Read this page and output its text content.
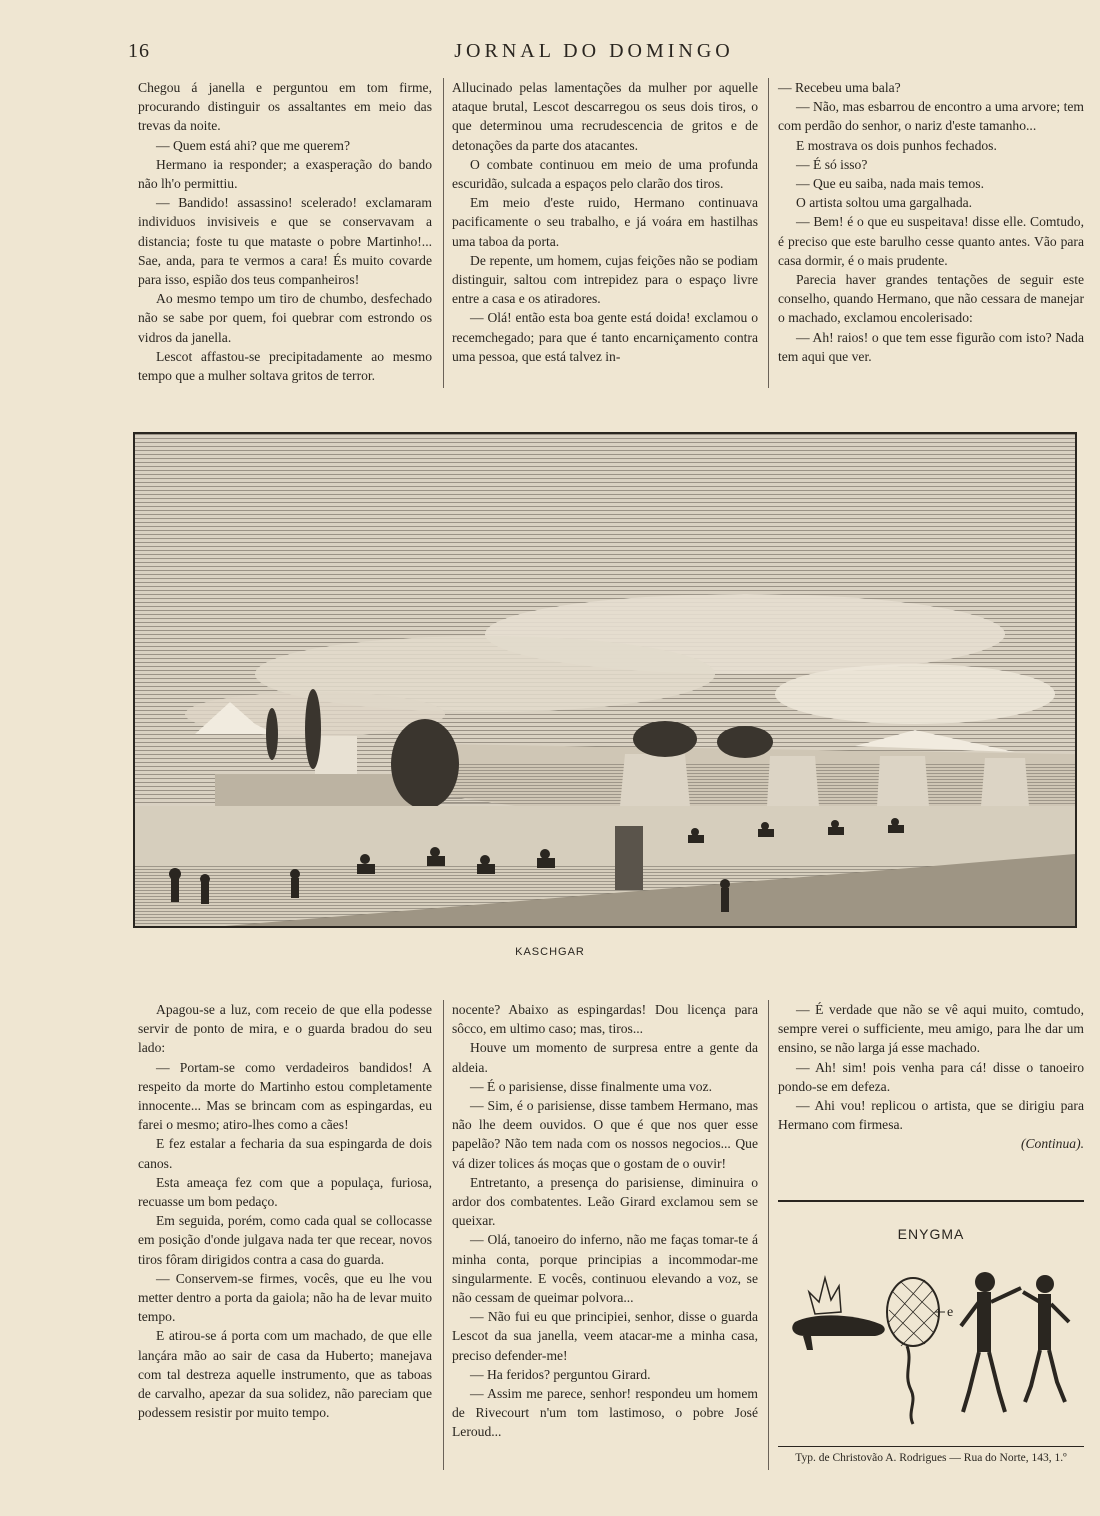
16	JORNAL DO DOMINGO

Chegou á janella e perguntou em tom firme, procurando distinguir os assaltantes em meio das trevas da noite.

— Quem está ahi? que me querem?

Hermano ia responder; a exasperação do bando não lh'o permittiu.

— Bandido! assassino! scelerado! exclamaram individuos invisiveis e que se conservavam a distancia; foste tu que mataste o pobre Martinho!... Sae, anda, para te vermos a cara! És muito covarde para isso, espião dos teus companheiros!

Ao mesmo tempo um tiro de chumbo, desfechado não se sabe por quem, foi quebrar com estrondo os vidros da janella.

Lescot affastou-se precipitadamente ao mesmo tempo que a mulher soltava gritos de terror.

Allucinado pelas lamentações da mulher por aquelle ataque brutal, Lescot descarregou os seus dois tiros, o que determinou uma recrudescencia de gritos e de detonações da parte dos atacantes.

O combate continuou em meio de uma profunda escuridão, sulcada a espaços pelo clarão dos tiros.

Em meio d'este ruido, Hermano continuava pacificamente o seu trabalho, e já voára em hastilhas uma taboa da porta.

De repente, um homem, cujas feições não se podiam distinguir, saltou com intrepidez para o espaço livre entre a casa e os atiradores.

— Olá! então esta boa gente está doida! exclamou o recemchegado; para que é tanto encarniçamento contra uma pessoa, que está talvez in-

— Recebeu uma bala?

— Não, mas esbarrou de encontro a uma arvore; tem com perdão do senhor, o nariz d'este tamanho...

E mostrava os dois punhos fechados.

— É só isso?

— Que eu saiba, nada mais temos.

O artista soltou uma gargalhada.

— Bem! é o que eu suspeitava! disse elle. Comtudo, é preciso que este barulho cesse quanto antes. Vão para casa dormir, é o mais prudente.

Parecia haver grandes tentações de seguir este conselho, quando Hermano, que não cessara de manejar o machado, exclamou encolerisado:

— Ah! raios! o que tem esse figurão com isto? Nada tem aqui que ver.

KASCHGAR

Apagou-se a luz, com receio de que ella podesse servir de ponto de mira, e o guarda bradou do seu lado:

— Portam-se como verdadeiros bandidos! A respeito da morte do Martinho estou completamente innocente... Mas se brincam com as espingardas, eu farei o mesmo; atiro-lhes como a cães!

E fez estalar a fecharia da sua espingarda de dois canos.

Esta ameaça fez com que a populaça, furiosa, recuasse um bom pedaço.

Em seguida, porém, como cada qual se collocasse em posição d'onde julgava nada ter que recear, novos tiros fôram dirigidos contra a casa do guarda.

— Conservem-se firmes, vocês, que eu lhe vou metter dentro a porta da gaiola; não ha de levar muito tempo.

E atirou-se á porta com um machado, de que elle lançára mão ao sair de casa da Huberto; manejava com tal destreza aquelle instrumento, que as taboas de carvalho, apezar da sua solidez, não pareciam que podessem resistir por muito tempo.

nocente? Abaixo as espingardas! Dou licença para sôcco, em ultimo caso; mas, tiros...

Houve um momento de surpresa entre a gente da aldeia.

— É o parisiense, disse finalmente uma voz.

— Sim, é o parisiense, disse tambem Hermano, mas não lhe deem ouvidos. O que é que nos quer esse papelão? Não tem nada com os nossos negocios... Que vá dizer tolices ás moças que o gostam de o ouvir!

Entretanto, a presença do parisiense, diminuira o ardor dos combatentes. Leão Girard exclamou sem se queixar.

— Olá, tanoeiro do inferno, não me faças tomar-te á minha conta, porque principias a incommodar-me singularmente. E vocês, continuou elevando a voz, se não cessam de queimar polvora...

— Não fui eu que principiei, senhor, disse o guarda Lescot da sua janella, veem atacar-me a minha casa, preciso defender-me!

— Ha feridos? perguntou Girard.

— Assim me parece, senhor! respondeu um homem de Rivecourt n'um tom lastimoso, o pobre José Leroud...

— É verdade que não se vê aqui muito, comtudo, sempre verei o sufficiente, meu amigo, para lhe dar um ensino, se não larga já esse machado.

— Ah! sim! pois venha para cá! disse o tanoeiro pondo-se em defeza.

— Ahi vou! replicou o artista, que se dirigiu para Hermano com firmesa.

(Continua).

ENYGMA
e
Typ. de Christovão A. Rodrigues — Rua do Norte, 143, 1.º
